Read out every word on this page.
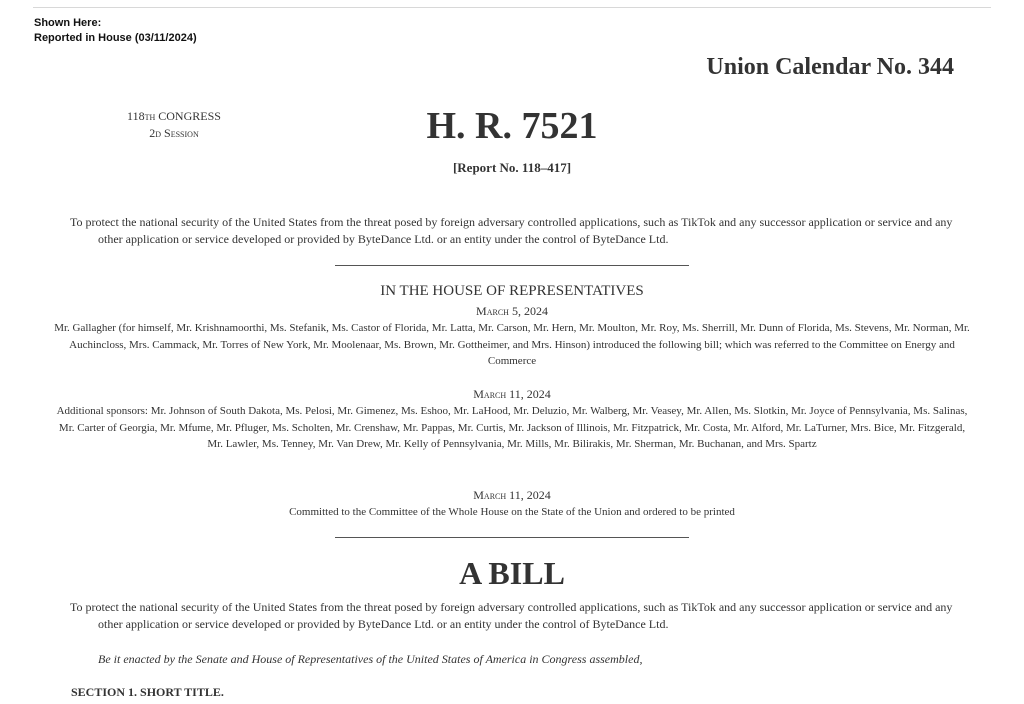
Shown Here:
Reported in House (03/11/2024)
Union Calendar No. 344
118th CONGRESS
2d Session	H. R. 7521
[Report No. 118–417]
To protect the national security of the United States from the threat posed by foreign adversary controlled applications, such as TikTok and any successor application or service and any other application or service developed or provided by ByteDance Ltd. or an entity under the control of ByteDance Ltd.
IN THE HOUSE OF REPRESENTATIVES
March 5, 2024
Mr. Gallagher (for himself, Mr. Krishnamoorthi, Ms. Stefanik, Ms. Castor of Florida, Mr. Latta, Mr. Carson, Mr. Hern, Mr. Moulton, Mr. Roy, Ms. Sherrill, Mr. Dunn of Florida, Ms. Stevens, Mr. Norman, Mr. Auchincloss, Mrs. Cammack, Mr. Torres of New York, Mr. Moolenaar, Ms. Brown, Mr. Gottheimer, and Mrs. Hinson) introduced the following bill; which was referred to the Committee on Energy and Commerce
March 11, 2024
Additional sponsors: Mr. Johnson of South Dakota, Ms. Pelosi, Mr. Gimenez, Ms. Eshoo, Mr. LaHood, Mr. Deluzio, Mr. Walberg, Mr. Veasey, Mr. Allen, Ms. Slotkin, Mr. Joyce of Pennsylvania, Ms. Salinas, Mr. Carter of Georgia, Mr. Mfume, Mr. Pfluger, Ms. Scholten, Mr. Crenshaw, Mr. Pappas, Mr. Curtis, Mr. Jackson of Illinois, Mr. Fitzpatrick, Mr. Costa, Mr. Alford, Mr. LaTurner, Mrs. Bice, Mr. Fitzgerald, Mr. Lawler, Ms. Tenney, Mr. Van Drew, Mr. Kelly of Pennsylvania, Mr. Mills, Mr. Bilirakis, Mr. Sherman, Mr. Buchanan, and Mrs. Spartz
March 11, 2024
Committed to the Committee of the Whole House on the State of the Union and ordered to be printed
A BILL
To protect the national security of the United States from the threat posed by foreign adversary controlled applications, such as TikTok and any successor application or service and any other application or service developed or provided by ByteDance Ltd. or an entity under the control of ByteDance Ltd.
Be it enacted by the Senate and House of Representatives of the United States of America in Congress assembled,
SECTION 1. SHORT TITLE.
